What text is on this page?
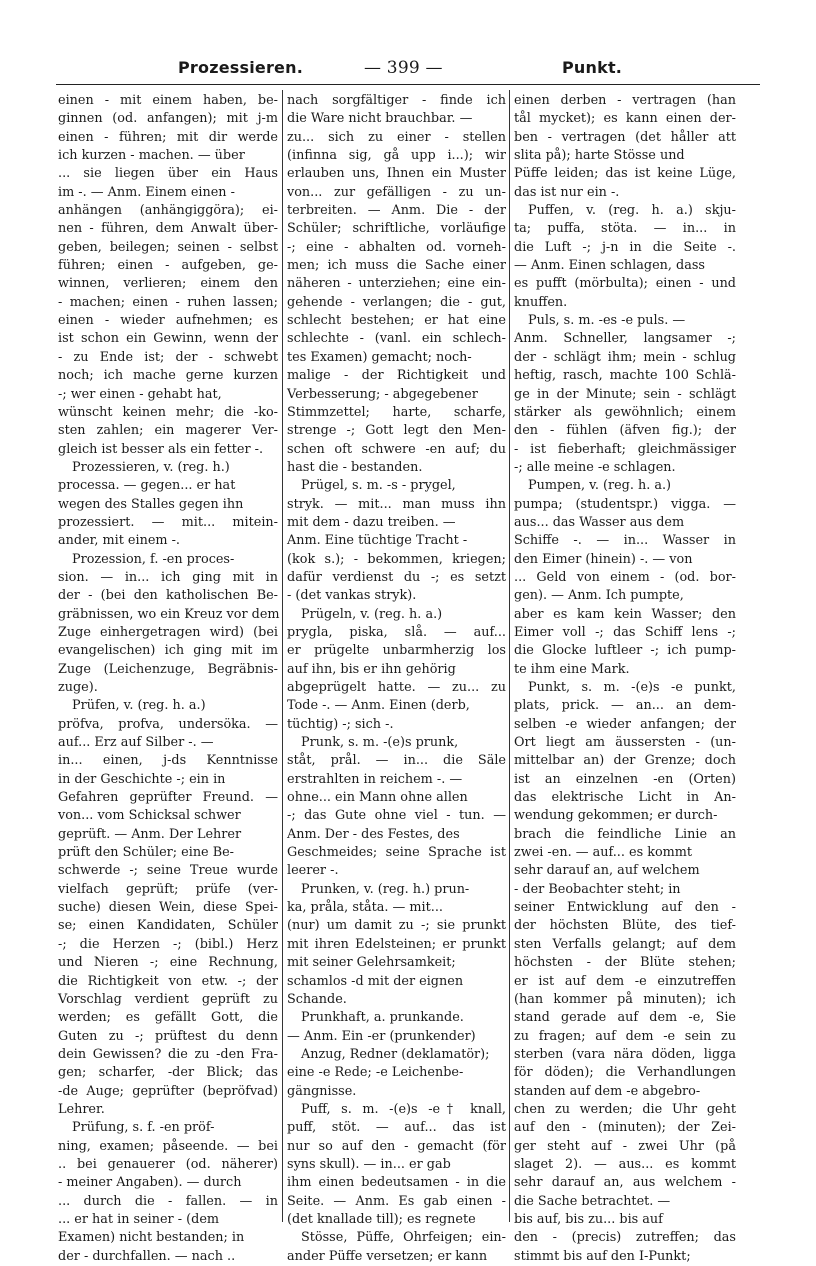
Prozessieren.	— 399 —	Punkt.
einen - mit einem haben, be-
ginnen (od. anfangen); mit j-m
einen - führen; mit dir werde
ich kurzen - machen. — über
... sie liegen über ein Haus
im -. — Anm. Einem einen -
anhängen (anhängiggöra); ei-
nen - führen, dem Anwalt über-
geben, beilegen; seinen - selbst
führen; einen - aufgeben, ge-
winnen, verlieren; einem den
- machen; einen - ruhen lassen;
einen - wieder aufnehmen; es
ist schon ein Gewinn, wenn der
- zu Ende ist; der - schwebt
noch; ich mache gerne kurzen
-; wer einen - gehabt hat,
wünscht keinen mehr; die -ko-
sten zahlen; ein magerer Ver-
gleich ist besser als ein fetter -.
Prozessieren, v. (reg. h.)
processa. — gegen... er hat
wegen des Stalles gegen ihn
prozessiert. — mit... mitein-
ander, mit einem -.
Prozession, f. -en proces-
sion. — in... ich ging mit in
der - (bei den katholischen Be-
gräbnissen, wo ein Kreuz vor dem
Zuge einhergetragen wird) (bei
evangelischen) ich ging mit im
Zuge (Leichenzuge, Begräbnis-
zuge).
Prüfen, v. (reg. h. a.)
pröfva, profva, undersöka. —
auf... Erz auf Silber -. —
in... einen, j-ds Kenntnisse
in der Geschichte -; ein in
Gefahren geprüfter Freund. —
von... vom Schicksal schwer
geprüft. — Anm. Der Lehrer
prüft den Schüler; eine Be-
schwerde -; seine Treue wurde
vielfach geprüft; prüfe (ver-
suche) diesen Wein, diese Spei-
se; einen Kandidaten, Schüler
-; die Herzen -; (bibl.) Herz
und Nieren -; eine Rechnung,
die Richtigkeit von etw. -; der
Vorschlag verdient geprüft zu
werden; es gefällt Gott, die
Guten zu -; prüftest du denn
dein Gewissen? die zu -den Fra-
gen; scharfer, -der Blick; das
-de Auge; geprüfter (bepröfvad)
Lehrer.
Prüfung, s. f. -en pröf-
ning, examen; påseende. — bei
.. bei genauerer (od. näherer)
- meiner Angaben). — durch
... durch die - fallen. — in
... er hat in seiner - (dem
Examen) nicht bestanden; in
der - durchfallen. — nach ..
nach sorgfältiger - finde ich
die Ware nicht brauchbar. —
zu... sich zu einer - stellen
(infinna sig, gå upp i...); wir
erlauben uns, Ihnen ein Muster
von... zur gefälligen - zu un-
terbreiten. — Anm. Die - der
Schüler; schriftliche, vorläufige
-; eine - abhalten od. vorneh-
men; ich muss die Sache einer
näheren - unterziehen; eine ein-
gehende - verlangen; die - gut,
schlecht bestehen; er hat eine
schlechte - (vanl. ein schlech-
tes Examen) gemacht; noch-
malige - der Richtigkeit und
Verbesserung; - abgegebener
Stimmzettel; harte, scharfe,
strenge -; Gott legt den Men-
schen oft schwere -en auf; du
hast die - bestanden.
Prügel, s. m. -s - prygel,
stryk. — mit... man muss ihn
mit dem - dazu treiben. —
Anm. Eine tüchtige Tracht -
(kok s.); - bekommen, kriegen;
dafür verdienst du -; es setzt
- (det vankas stryk).
Prügeln, v. (reg. h. a.)
prygla, piska, slå. — auf...
er prügelte unbarmherzig los
auf ihn, bis er ihn gehörig
abgeprügelt hatte. — zu... zu
Tode -. — Anm. Einen (derb,
tüchtig) -; sich -.
Prunk, s. m. -(e)s prunk,
ståt, prål. — in... die Säle
erstrahlten in reichem -. —
ohne... ein Mann ohne allen
-; das Gute ohne viel - tun. —
Anm. Der - des Festes, des
Geschmeides; seine Sprache ist
leerer -.
Prunken, v. (reg. h.) prun-
ka, pråla, ståta. — mit...
(nur) um damit zu -; sie prunkt
mit ihren Edelsteinen; er prunkt
mit seiner Gelehrsamkeit;
schamlos -d mit der eignen
Schande.
Prunkhaft, a. prunkande.
— Anm. Ein -er (prunkender)
Anzug, Redner (deklamatör);
eine -e Rede; -e Leichenbe-
gängnisse.
Puff, s. m. -(e)s -e† knall,
puff, stöt. — auf... das ist
nur so auf den - gemacht (för
syns skull). — in... er gab
ihm einen bedeutsamen - in die
Seite. — Anm. Es gab einen -
(det knallade till); es regnete
Stösse, Püffe, Ohrfeigen; ein-
ander Püffe versetzen; er kann
einen derben - vertragen (han
tål mycket); es kann einen der-
ben - vertragen (det håller att
slita på); harte Stösse und
Püffe leiden; das ist keine Lüge,
das ist nur ein -.
Puffen, v. (reg. h. a.) skju-
ta; puffa, stöta. — in... in
die Luft -; j-n in die Seite -.
— Anm. Einen schlagen, dass
es pufft (mörbulta); einen - und
knuffen.
Puls, s. m. -es -e puls. —
Anm. Schneller, langsamer -;
der - schlägt ihm; mein - schlug
heftig, rasch, machte 100 Schlä-
ge in der Minute; sein - schlägt
stärker als gewöhnlich; einem
den - fühlen (äfven fig.); der
- ist fieberhaft; gleichmässiger
-; alle meine -e schlagen.
Pumpen, v. (reg. h. a.)
pumpa; (studentspr.) vigga. —
aus... das Wasser aus dem
Schiffe -. — in... Wasser in
den Eimer (hinein) -. — von
... Geld von einem - (od. bor-
gen). — Anm. Ich pumpte,
aber es kam kein Wasser; den
Eimer voll -; das Schiff lens -;
die Glocke luftleer -; ich pump-
te ihm eine Mark.
Punkt, s. m. -(e)s -e punkt,
plats, prick. — an... an dem-
selben -e wieder anfangen; der
Ort liegt am äussersten - (un-
mittelbar an) der Grenze; doch
ist an einzelnen -en (Orten)
das elektrische Licht in An-
wendung gekommen; er durch-
brach die feindliche Linie an
zwei -en. — auf... es kommt
sehr darauf an, auf welchem
- der Beobachter steht; in
seiner Entwicklung auf den -
der höchsten Blüte, des tief-
sten Verfalls gelangt; auf dem
höchsten - der Blüte stehen;
er ist auf dem -e einzutreffen
(han kommer på minuten); ich
stand gerade auf dem -e, Sie
zu fragen; auf dem -e sein zu
sterben (vara nära döden, ligga
för döden); die Verhandlungen
standen auf dem -e abgebro-
chen zu werden; die Uhr geht
auf den - (minuten); der Zei-
ger steht auf - zwei Uhr (på
slaget 2). — aus... es kommt
sehr darauf an, aus welchem -
die Sache betrachtet. —
bis auf, bis zu... bis auf
den - (precis) zutreffen; das
stimmt bis auf den I-Punkt;
